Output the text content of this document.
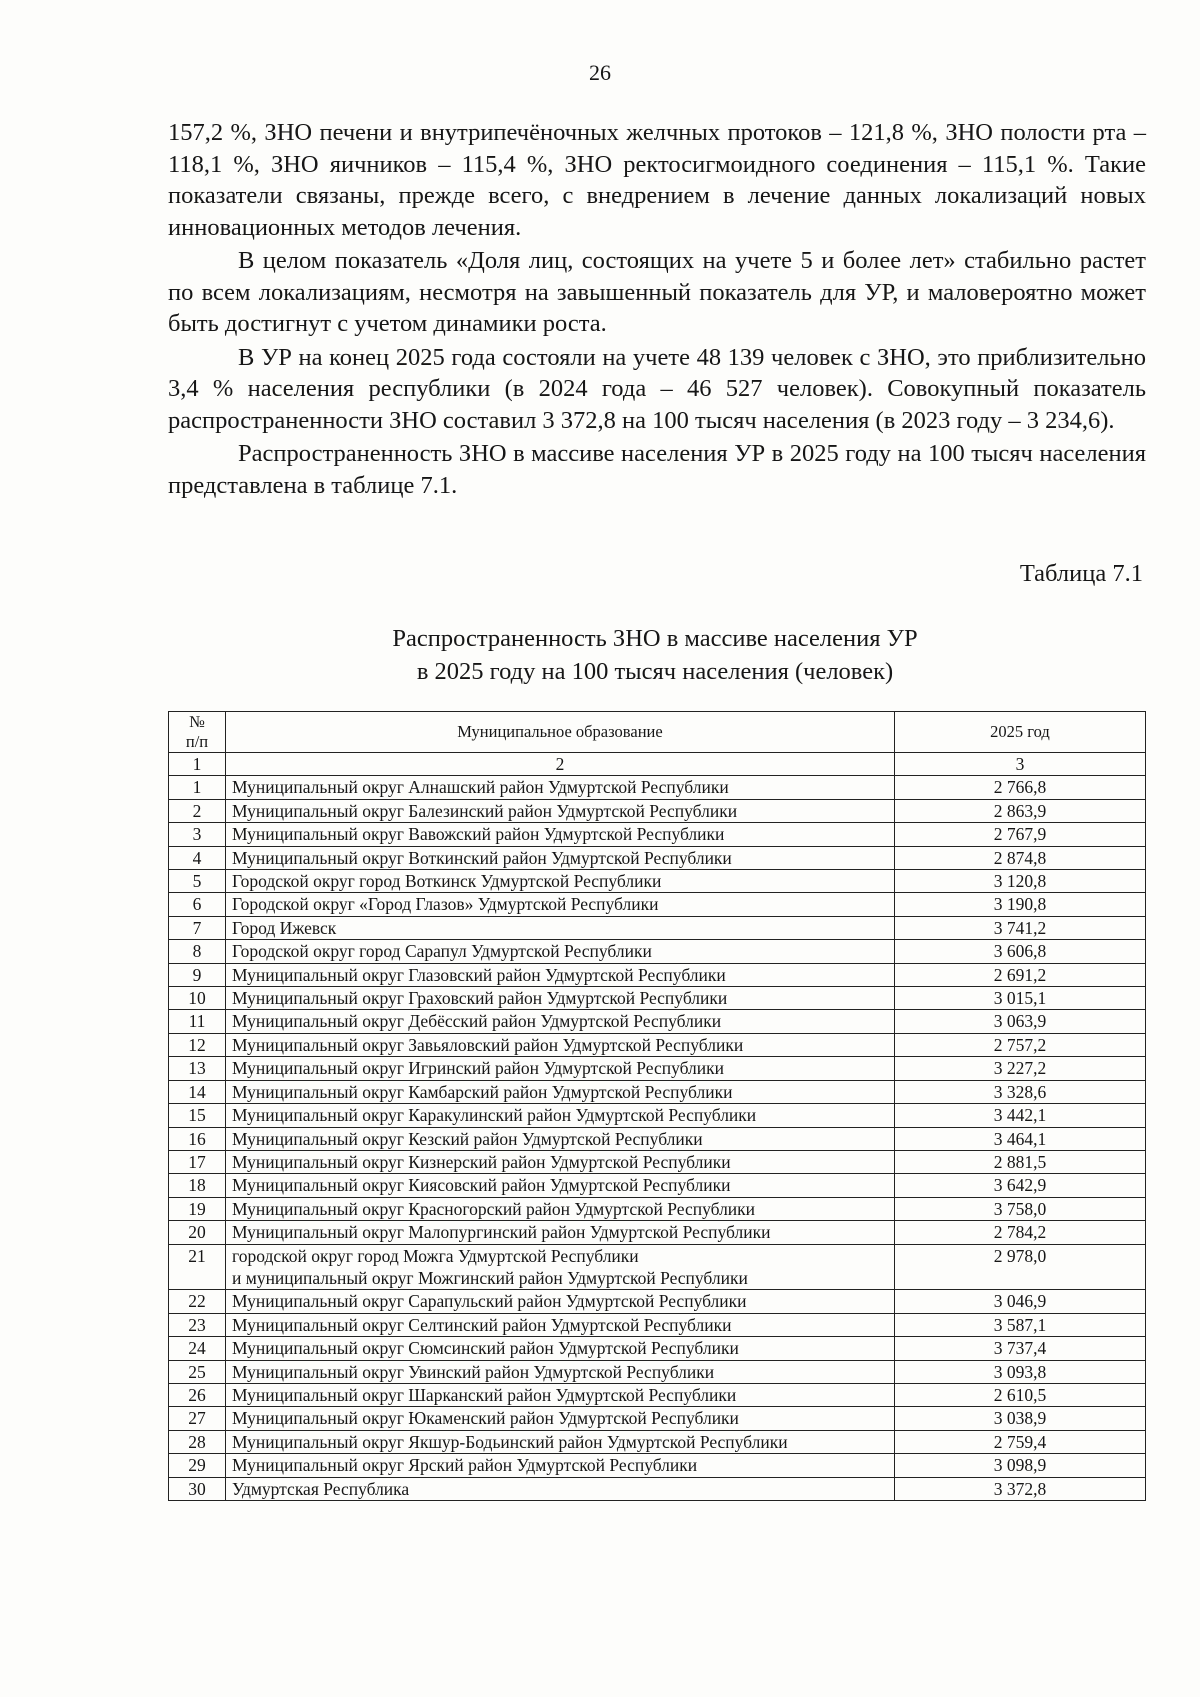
26

157,2 %, ЗНО печени и внутрипечёночных желчных протоков – 121,8 %, ЗНО полости рта – 118,1 %, ЗНО яичников – 115,4 %, ЗНО ректосигмоидного соединения – 115,1 %. Такие показатели связаны, прежде всего, с внедрением в лечение данных локализаций новых инновационных методов лечения.

В целом показатель «Доля лиц, состоящих на учете 5 и более лет» стабильно растет по всем локализациям, несмотря на завышенный показатель для УР, и маловероятно может быть достигнут с учетом динамики роста.

В УР на конец 2025 года состояли на учете 48 139 человек с ЗНО, это приблизительно 3,4 % населения республики (в 2024 года – 46 527 человек). Совокупный показатель распространенности ЗНО составил 3 372,8 на 100 тысяч населения (в 2023 году – 3 234,6).

Распространенность ЗНО в массиве населения УР в 2025 году на 100 тысяч населения представлена в таблице 7.1.

Таблица 7.1
Распространенность ЗНО в массиве населения УР
в 2025 году на 100 тысяч населения (человек)
№
п/п	Муниципальное образование	2025 год
1	2	3
1	Муниципальный округ Алнашский район Удмуртской Республики	2 766,8
2	Муниципальный округ Балезинский район Удмуртской Республики	2 863,9
3	Муниципальный округ Вавожский район Удмуртской Республики	2 767,9
4	Муниципальный округ Воткинский район Удмуртской Республики	2 874,8
5	Городской округ город Воткинск Удмуртской Республики	3 120,8
6	Городской округ «Город Глазов» Удмуртской Республики	3 190,8
7	Город Ижевск	3 741,2
8	Городской округ город Сарапул Удмуртской Республики	3 606,8
9	Муниципальный округ Глазовский район Удмуртской Республики	2 691,2
10	Муниципальный округ Граховский район Удмуртской Республики	3 015,1
11	Муниципальный округ Дебёсский район Удмуртской Республики	3 063,9
12	Муниципальный округ Завьяловский район Удмуртской Республики	2 757,2
13	Муниципальный округ Игринский район Удмуртской Республики	3 227,2
14	Муниципальный округ Камбарский район Удмуртской Республики	3 328,6
15	Муниципальный округ Каракулинский район Удмуртской Республики	3 442,1
16	Муниципальный округ Кезский район Удмуртской Республики	3 464,1
17	Муниципальный округ Кизнерский район Удмуртской Республики	2 881,5
18	Муниципальный округ Киясовский район Удмуртской Республики	3 642,9
19	Муниципальный округ Красногорский район Удмуртской Республики	3 758,0
20	Муниципальный округ Малопургинский район Удмуртской Республики	2 784,2
21	городской округ город Можга Удмуртской Республики
и муниципальный округ Можгинский район Удмуртской Республики	2 978,0
22	Муниципальный округ Сарапульский район Удмуртской Республики	3 046,9
23	Муниципальный округ Селтинский район Удмуртской Республики	3 587,1
24	Муниципальный округ Сюмсинский район Удмуртской Республики	3 737,4
25	Муниципальный округ Увинский район Удмуртской Республики	3 093,8
26	Муниципальный округ Шарканский район Удмуртской Республики	2 610,5
27	Муниципальный округ Юкаменский район Удмуртской Республики	3 038,9
28	Муниципальный округ Якшур-Бодьинский район Удмуртской Республики	2 759,4
29	Муниципальный округ Ярский район Удмуртской Республики	3 098,9
30	Удмуртская Республика	3 372,8
